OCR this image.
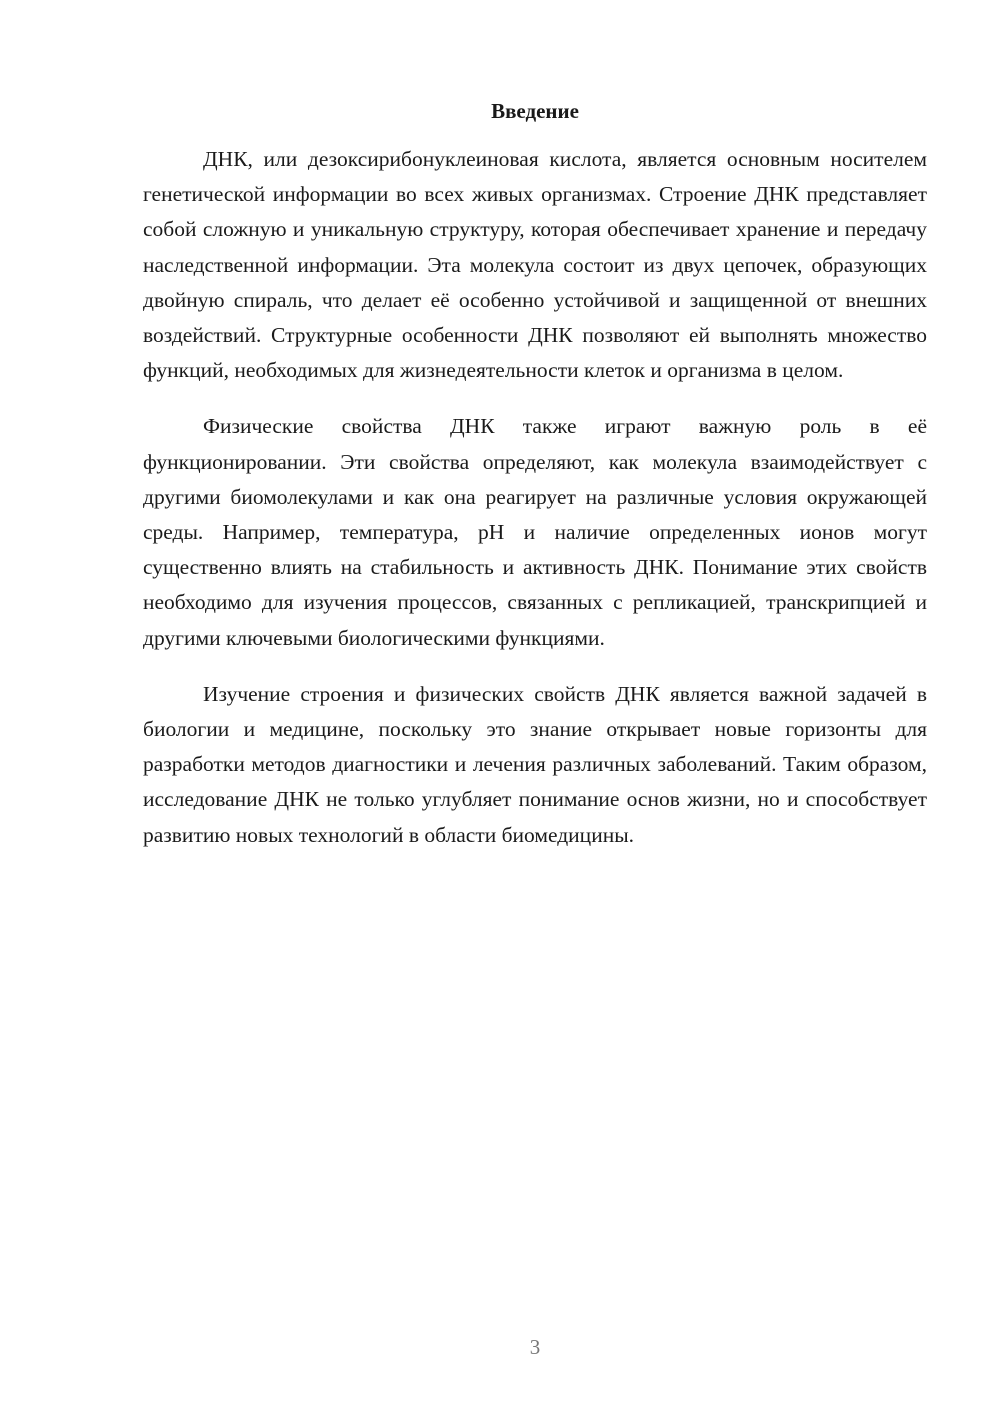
Введение

ДНК, или дезоксирибонуклеиновая кислота, является основным носителем генетической информации во всех живых организмах. Строение ДНК представляет собой сложную и уникальную структуру, которая обеспечивает хранение и передачу наследственной информации. Эта молекула состоит из двух цепочек, образующих двойную спираль, что делает её особенно устойчивой и защищенной от внешних воздействий. Структурные особенности ДНК позволяют ей выполнять множество функций, необходимых для жизнедеятельности клеток и организма в целом.

Физические свойства ДНК также играют важную роль в её функционировании. Эти свойства определяют, как молекула взаимодействует с другими биомолекулами и как она реагирует на различные условия окружающей среды. Например, температура, pH и наличие определенных ионов могут существенно влиять на стабильность и активность ДНК. Понимание этих свойств необходимо для изучения процессов, связанных с репликацией, транскрипцией и другими ключевыми биологическими функциями.

Изучение строения и физических свойств ДНК является важной задачей в биологии и медицине, поскольку это знание открывает новые горизонты для разработки методов диагностики и лечения различных заболеваний. Таким образом, исследование ДНК не только углубляет понимание основ жизни, но и способствует развитию новых технологий в области биомедицины.

3
